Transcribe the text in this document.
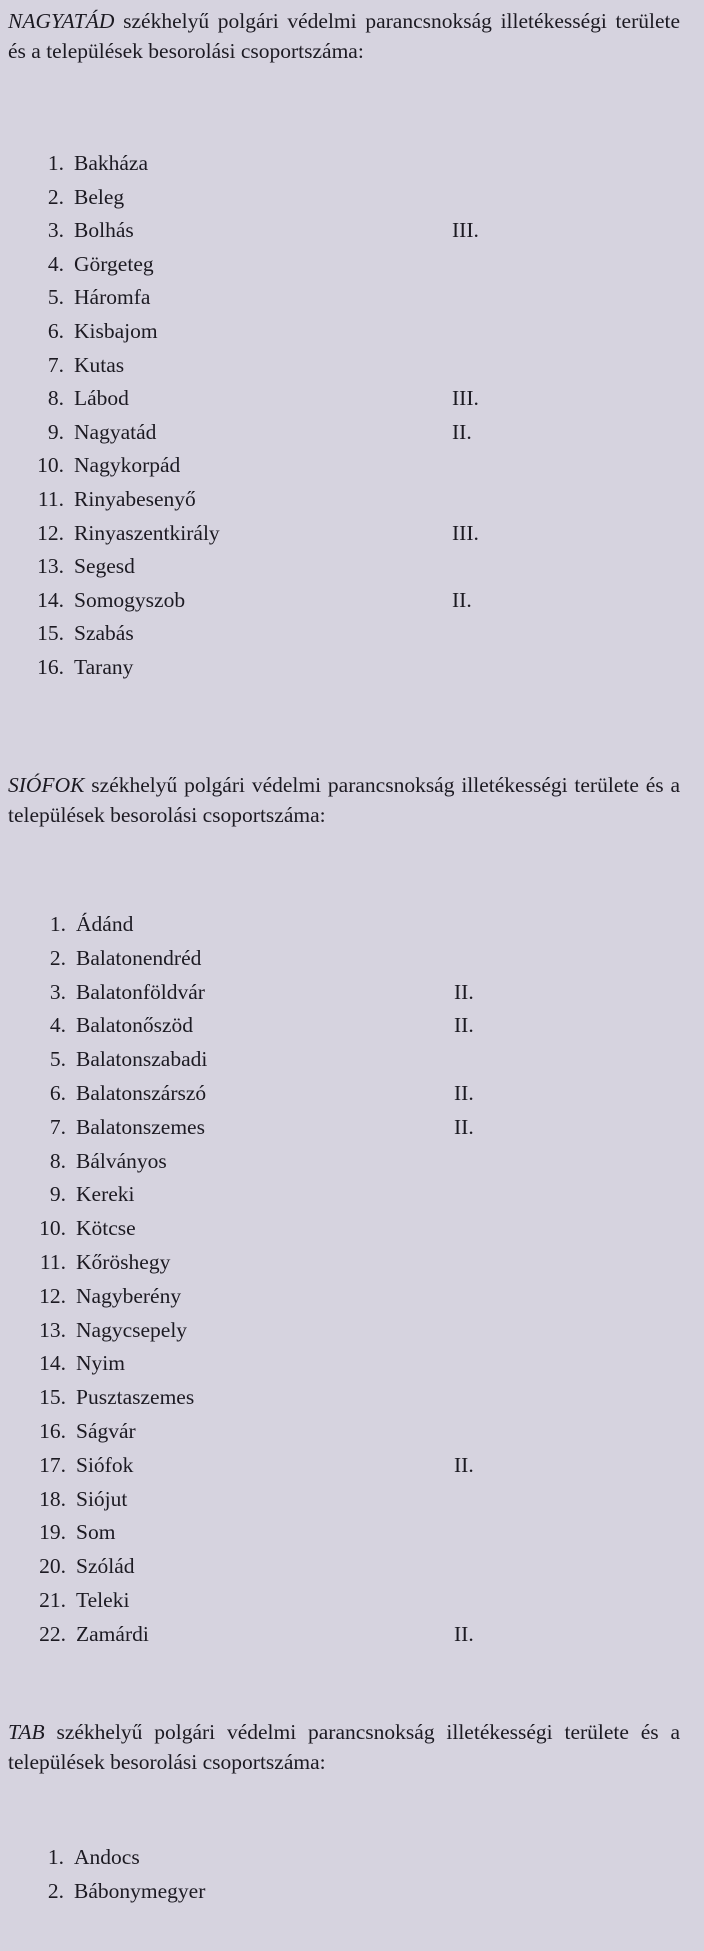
NAGYATÁD székhelyű polgári védelmi parancsnokság illetékességi területe és a települések besorolási csoportszáma:

1. Bakháza
2. Beleg
3. Bolhás	III.
4. Görgeteg
5. Háromfa
6. Kisbajom
7. Kutas
8. Lábod	III.
9. Nagyatád	II.
10. Nagykorpád
11. Rinyabesenyő
12. Rinyaszentkirály	III.
13. Segesd
14. Somogyszob	II.
15. Szabás
16. Tarany

SIÓFOK székhelyű polgári védelmi parancsnokság illetékességi területe és a települések besorolási csoportszáma:

1. Ádánd
2. Balatonendréd
3. Balatonföldvár	II.
4. Balatonőszöd	II.
5. Balatonszabadi
6. Balatonszárszó	II.
7. Balatonszemes	II.
8. Bálványos
9. Kereki
10. Kötcse
11. Kőröshegy
12. Nagyberény
13. Nagycsepely
14. Nyim
15. Pusztaszemes
16. Ságvár
17. Siófok	II.
18. Siójut
19. Som
20. Szólád
21. Teleki
22. Zamárdi	II.

TAB székhelyű polgári védelmi parancsnokság illetékességi területe és a települések besorolási csoportszáma:

1. Andocs
2. Bábonymegyer
